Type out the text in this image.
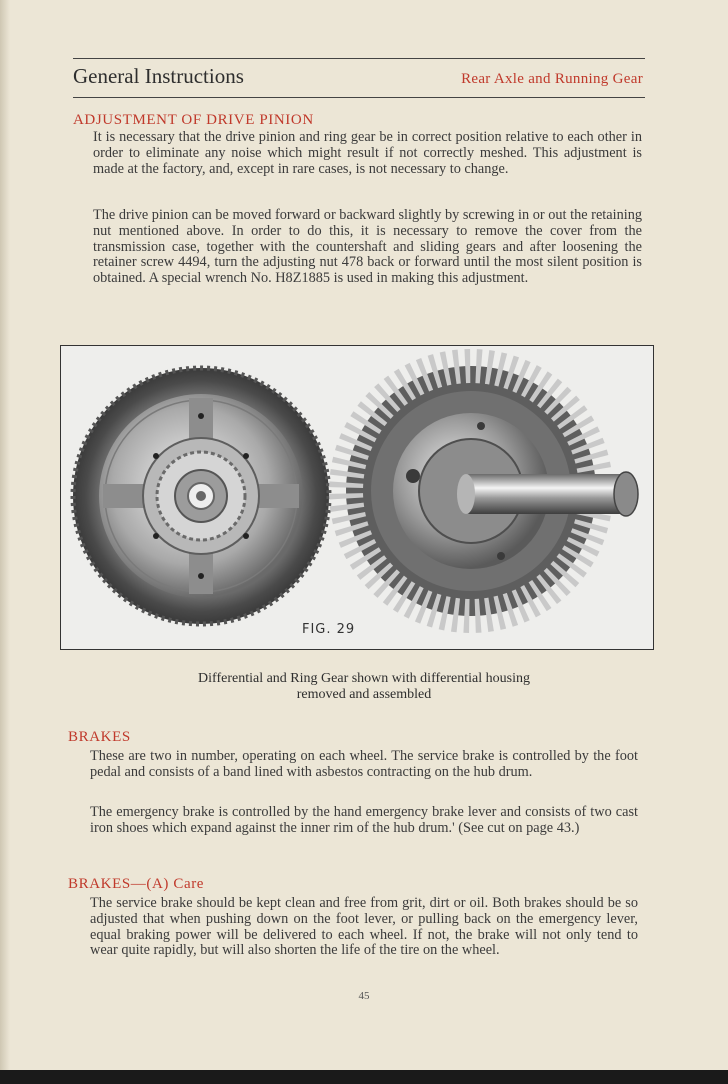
General Instructions	Rear Axle and Running Gear
ADJUSTMENT OF DRIVE PINION

It is necessary that the drive pinion and ring gear be in correct position relative to each other in order to eliminate any noise which might result if not correctly meshed. This adjustment is made at the factory, and, except in rare cases, is not necessary to change.

The drive pinion can be moved forward or backward slightly by screwing in or out the retaining nut mentioned above. In order to do this, it is necessary to remove the cover from the transmission case, together with the countershaft and sliding gears and after loosening the retainer screw 4494, turn the adjusting nut 478 back or forward until the most silent position is obtained. A special wrench No. H8Z1885 is used in making this adjustment.

FIG. 29
Differential and Ring Gear shown with differential housing
removed and assembled
BRAKES

These are two in number, operating on each wheel. The service brake is controlled by the foot pedal and consists of a band lined with asbestos contracting on the hub drum.

The emergency brake is controlled by the hand emergency brake lever and consists of two cast iron shoes which expand against the inner rim of the hub drum.' (See cut on page 43.)

BRAKES—(A) Care

The service brake should be kept clean and free from grit, dirt or oil. Both brakes should be so adjusted that when pushing down on the foot lever, or pulling back on the emergency lever, equal braking power will be delivered to each wheel. If not, the brake will not only tend to wear quite rapidly, but will also shorten the life of the tire on the wheel.

45
